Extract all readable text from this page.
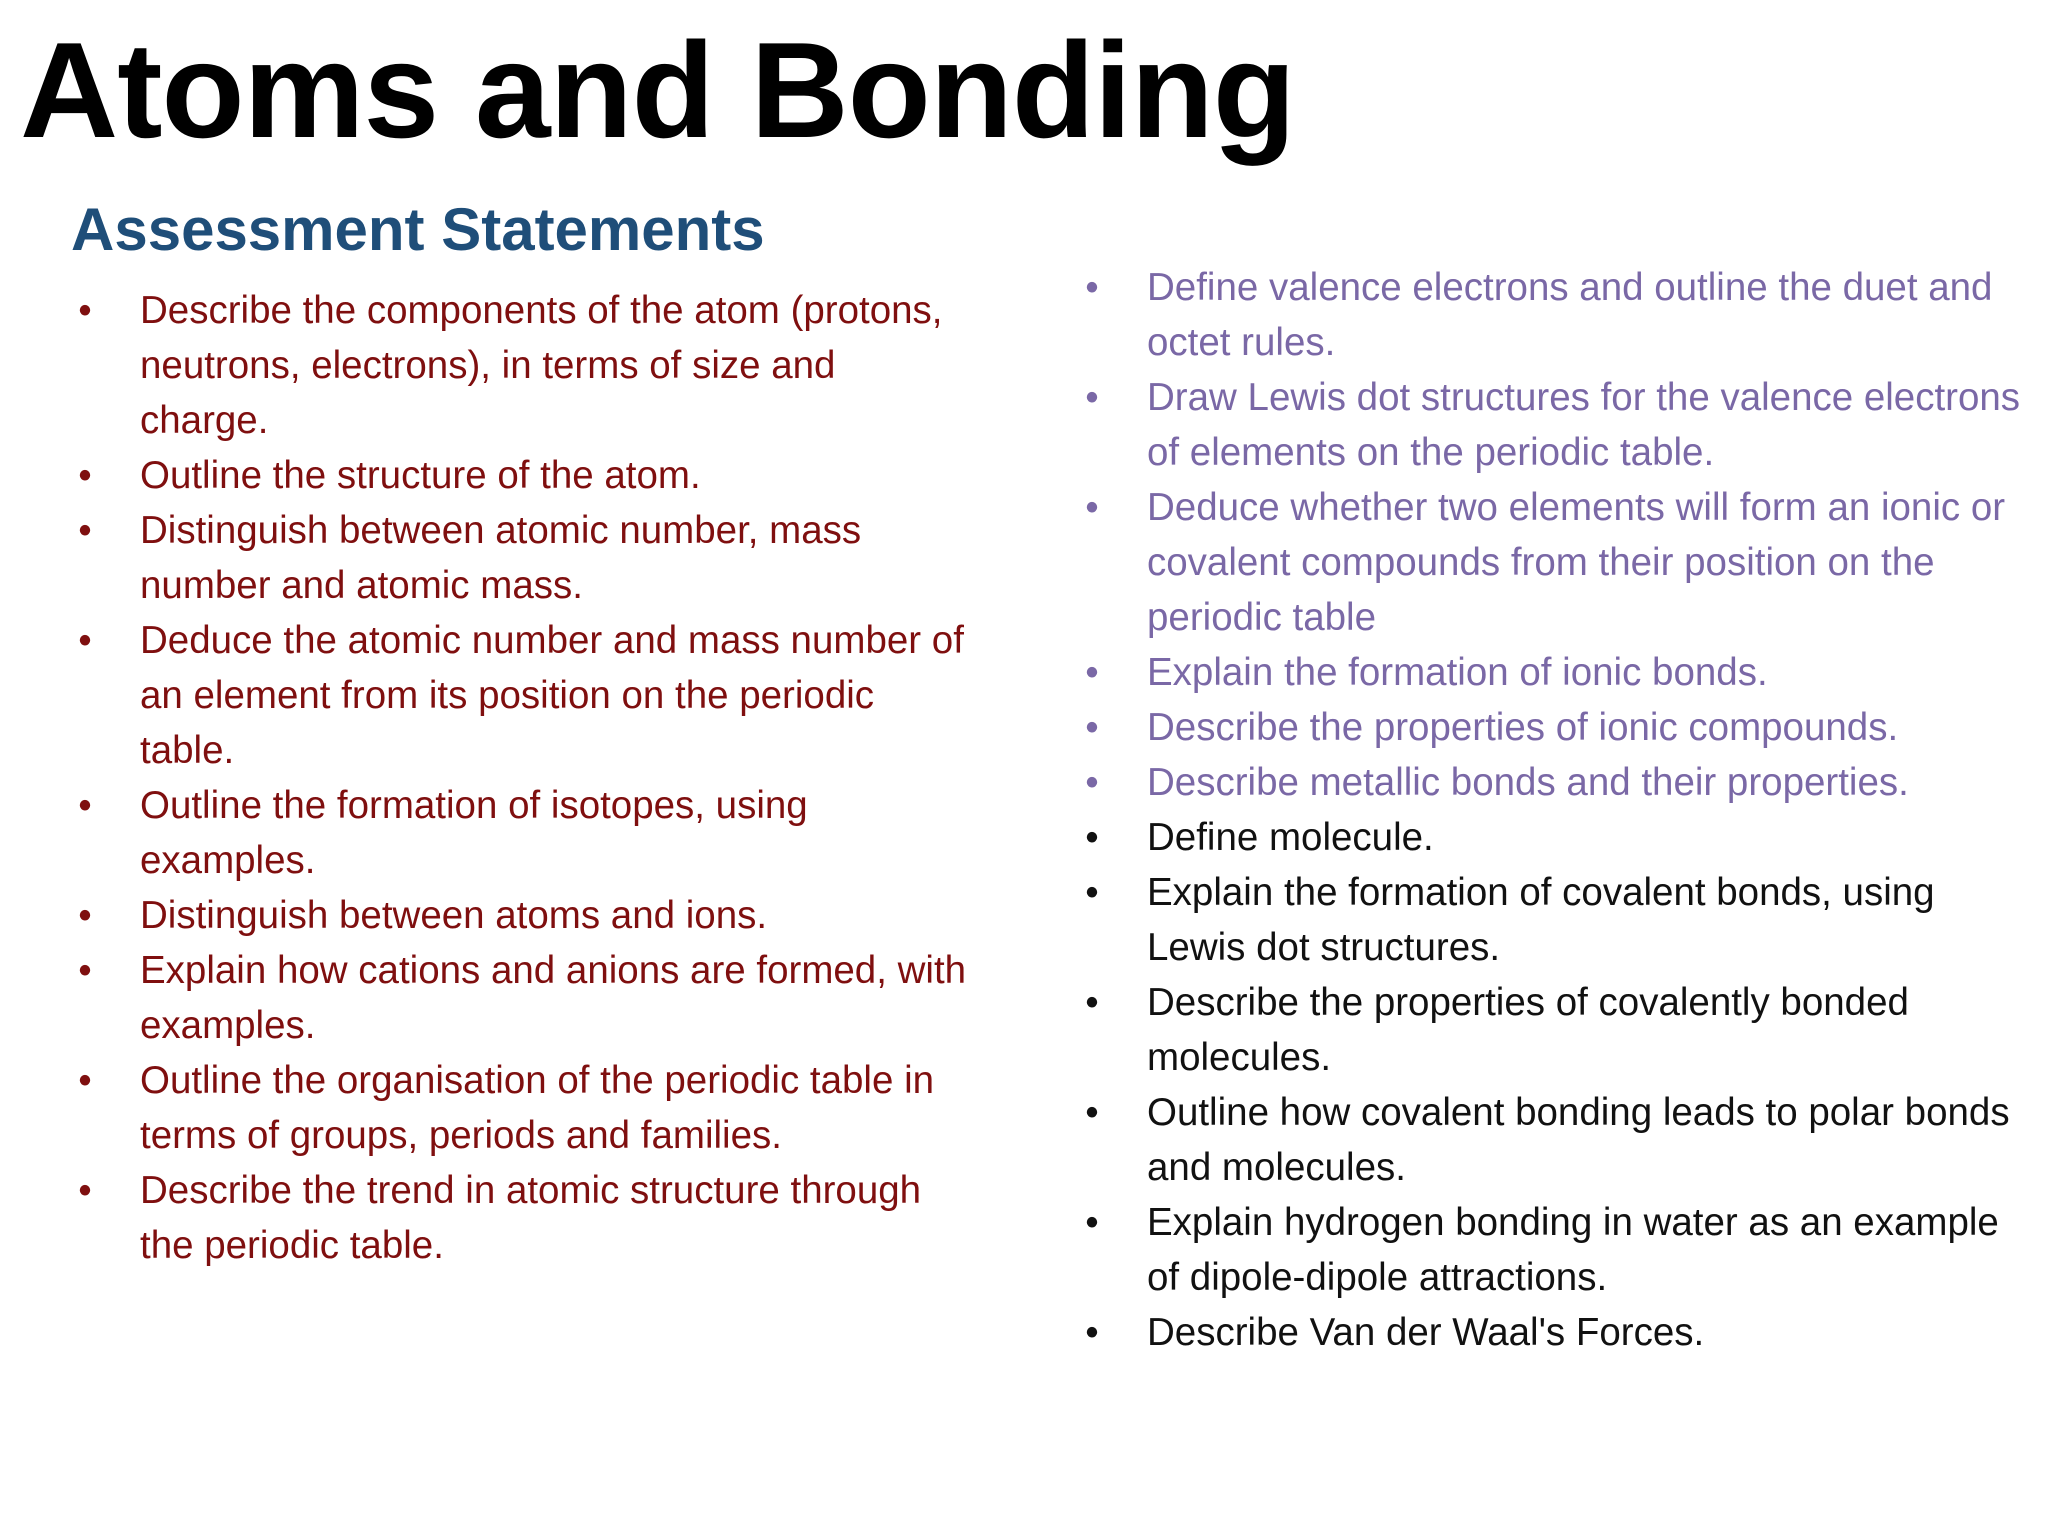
Atoms and Bonding
Assessment Statements
• Describe the components of the atom (protons, neutrons, electrons), in terms of size and charge.
• Outline the structure of the atom.
• Distinguish between atomic number, mass number and atomic mass.
• Deduce the atomic number and mass number of an element from its position on the periodic table.
• Outline the formation of isotopes, using examples.
• Distinguish between atoms and ions.
• Explain how cations and anions are formed, with examples.
• Outline the organisation of the periodic table in terms of groups, periods and families.
• Describe the trend in atomic structure through the periodic table.
• Define valence electrons and outline the duet and octet rules.
• Draw Lewis dot structures for the valence electrons of elements on the periodic table.
• Deduce whether two elements will form an ionic or covalent compounds from their position on the periodic table
• Explain the formation of ionic bonds.
• Describe the properties of ionic compounds.
• Describe metallic bonds and their properties.
• Define molecule.
• Explain the formation of covalent bonds, using Lewis dot structures.
• Describe the properties of covalently bonded molecules.
• Outline how covalent bonding leads to polar bonds and molecules.
• Explain hydrogen bonding in water as an example of dipole-dipole attractions.
• Describe Van der Waal's Forces.
